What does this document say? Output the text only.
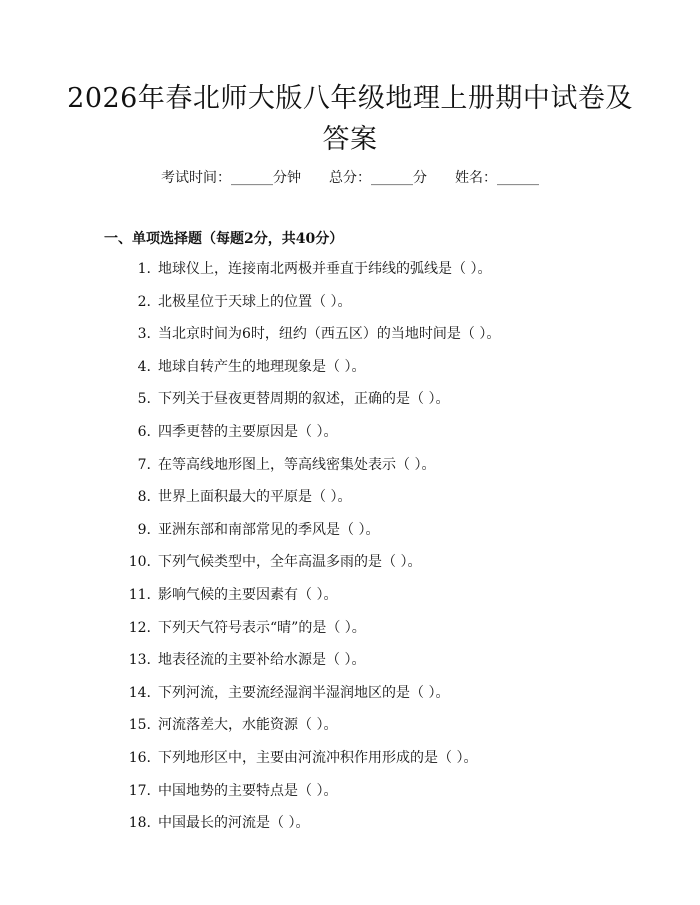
2026年春北师大版八年级地理上册期中试卷及答案
考试时间：______分钟 总分：______分 姓名：______
一、单项选择题（每题2分，共40分）
1. 地球仪上，连接南北两极并垂直于纬线的弧线是（ ）。
2. 北极星位于天球上的位置（ ）。
3. 当北京时间为6时，纽约（西五区）的当地时间是（ ）。
4. 地球自转产生的地理现象是（ ）。
5. 下列关于昼夜更替周期的叙述，正确的是（ ）。
6. 四季更替的主要原因是（ ）。
7. 在等高线地形图上，等高线密集处表示（ ）。
8. 世界上面积最大的平原是（ ）。
9. 亚洲东部和南部常见的季风是（ ）。
10. 下列气候类型中，全年高温多雨的是（ ）。
11. 影响气候的主要因素有（ ）。
12. 下列天气符号表示“晴”的是（ ）。
13. 地表径流的主要补给水源是（ ）。
14. 下列河流，主要流经湿润半湿润地区的是（ ）。
15. 河流落差大，水能资源（ ）。
16. 下列地形区中，主要由河流冲积作用形成的是（ ）。
17. 中国地势的主要特点是（ ）。
18. 中国最长的河流是（ ）。
